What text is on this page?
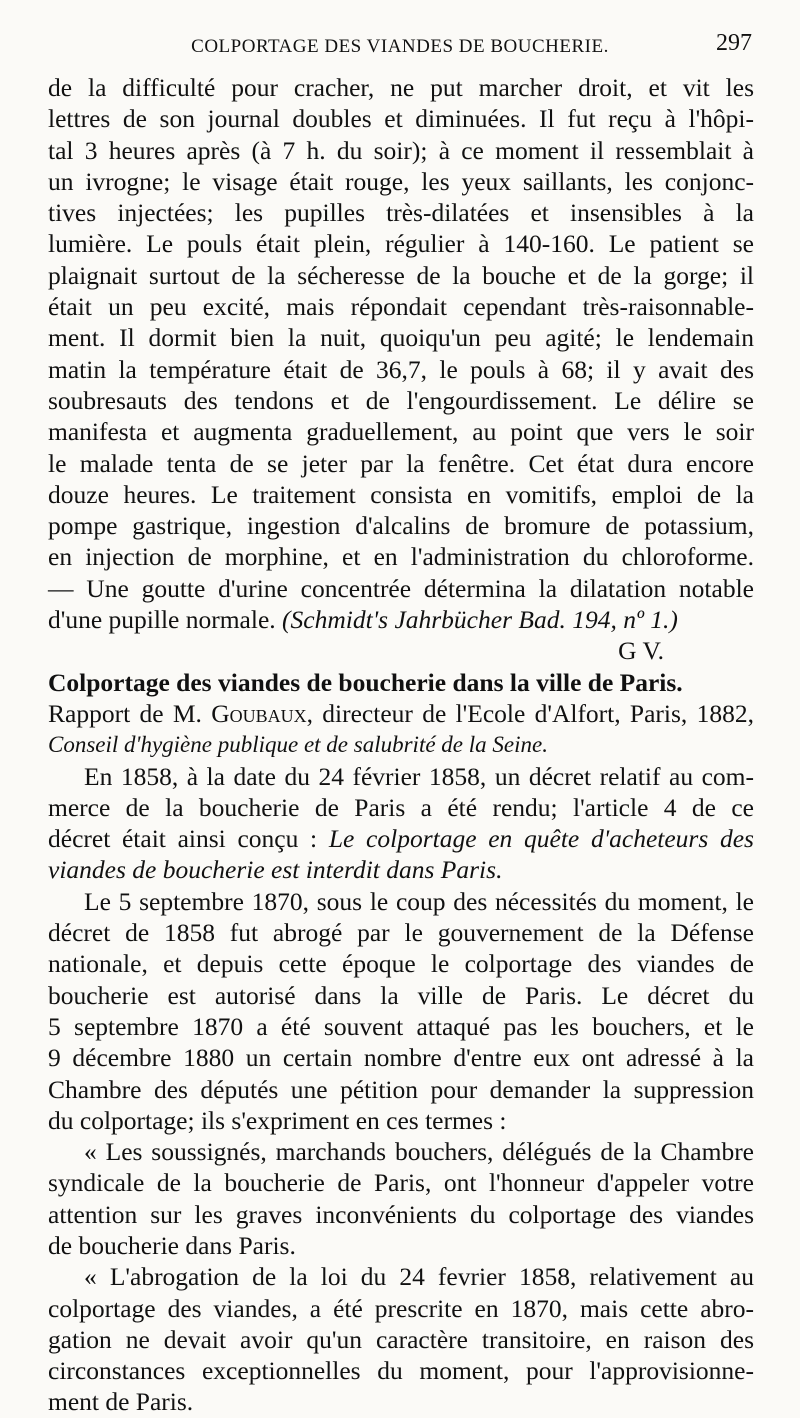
COLPORTAGE DES VIANDES DE BOUCHERIE.	297
de la difficulté pour cracher, ne put marcher droit, et vit les
lettres de son journal doubles et diminuées. Il fut reçu à l'hôpi-
tal 3 heures après (à 7 h. du soir); à ce moment il ressemblait à
un ivrogne; le visage était rouge, les yeux saillants, les conjonc-
tives injectées; les pupilles très-dilatées et insensibles à la
lumière. Le pouls était plein, régulier à 140-160. Le patient se
plaignait surtout de la sécheresse de la bouche et de la gorge; il
était un peu excité, mais répondait cependant très-raisonnable-
ment. Il dormit bien la nuit, quoiqu'un peu agité; le lendemain
matin la température était de 36,7, le pouls à 68; il y avait des
soubresauts des tendons et de l'engourdissement. Le délire se
manifesta et augmenta graduellement, au point que vers le soir
le malade tenta de se jeter par la fenêtre. Cet état dura encore
douze heures. Le traitement consista en vomitifs, emploi de la
pompe gastrique, ingestion d'alcalins de bromure de potassium,
en injection de morphine, et en l'administration du chloroforme.
— Une goutte d'urine concentrée détermina la dilatation notable
d'une pupille normale. (Schmidt's Jahrbücher Bad. 194, nº 1.)
G V.
Colportage des viandes de boucherie dans la ville de Paris.
Rapport de M. Goubaux, directeur de l'Ecole d'Alfort, Paris, 1882,
Conseil d'hygiène publique et de salubrité de la Seine.
En 1858, à la date du 24 février 1858, un décret relatif au com-
merce de la boucherie de Paris a été rendu; l'article 4 de ce
décret était ainsi conçu : Le colportage en quête d'acheteurs des
viandes de boucherie est interdit dans Paris.
Le 5 septembre 1870, sous le coup des nécessités du moment, le
décret de 1858 fut abrogé par le gouvernement de la Défense
nationale, et depuis cette époque le colportage des viandes de
boucherie est autorisé dans la ville de Paris. Le décret du
5 septembre 1870 a été souvent attaqué pas les bouchers, et le
9 décembre 1880 un certain nombre d'entre eux ont adressé à la
Chambre des députés une pétition pour demander la suppression
du colportage; ils s'expriment en ces termes :
« Les soussignés, marchands bouchers, délégués de la Chambre
syndicale de la boucherie de Paris, ont l'honneur d'appeler votre
attention sur les graves inconvénients du colportage des viandes
de boucherie dans Paris.
« L'abrogation de la loi du 24 fevrier 1858, relativement au
colportage des viandes, a été prescrite en 1870, mais cette abro-
gation ne devait avoir qu'un caractère transitoire, en raison des
circonstances exceptionnelles du moment, pour l'approvisionne-
ment de Paris.
